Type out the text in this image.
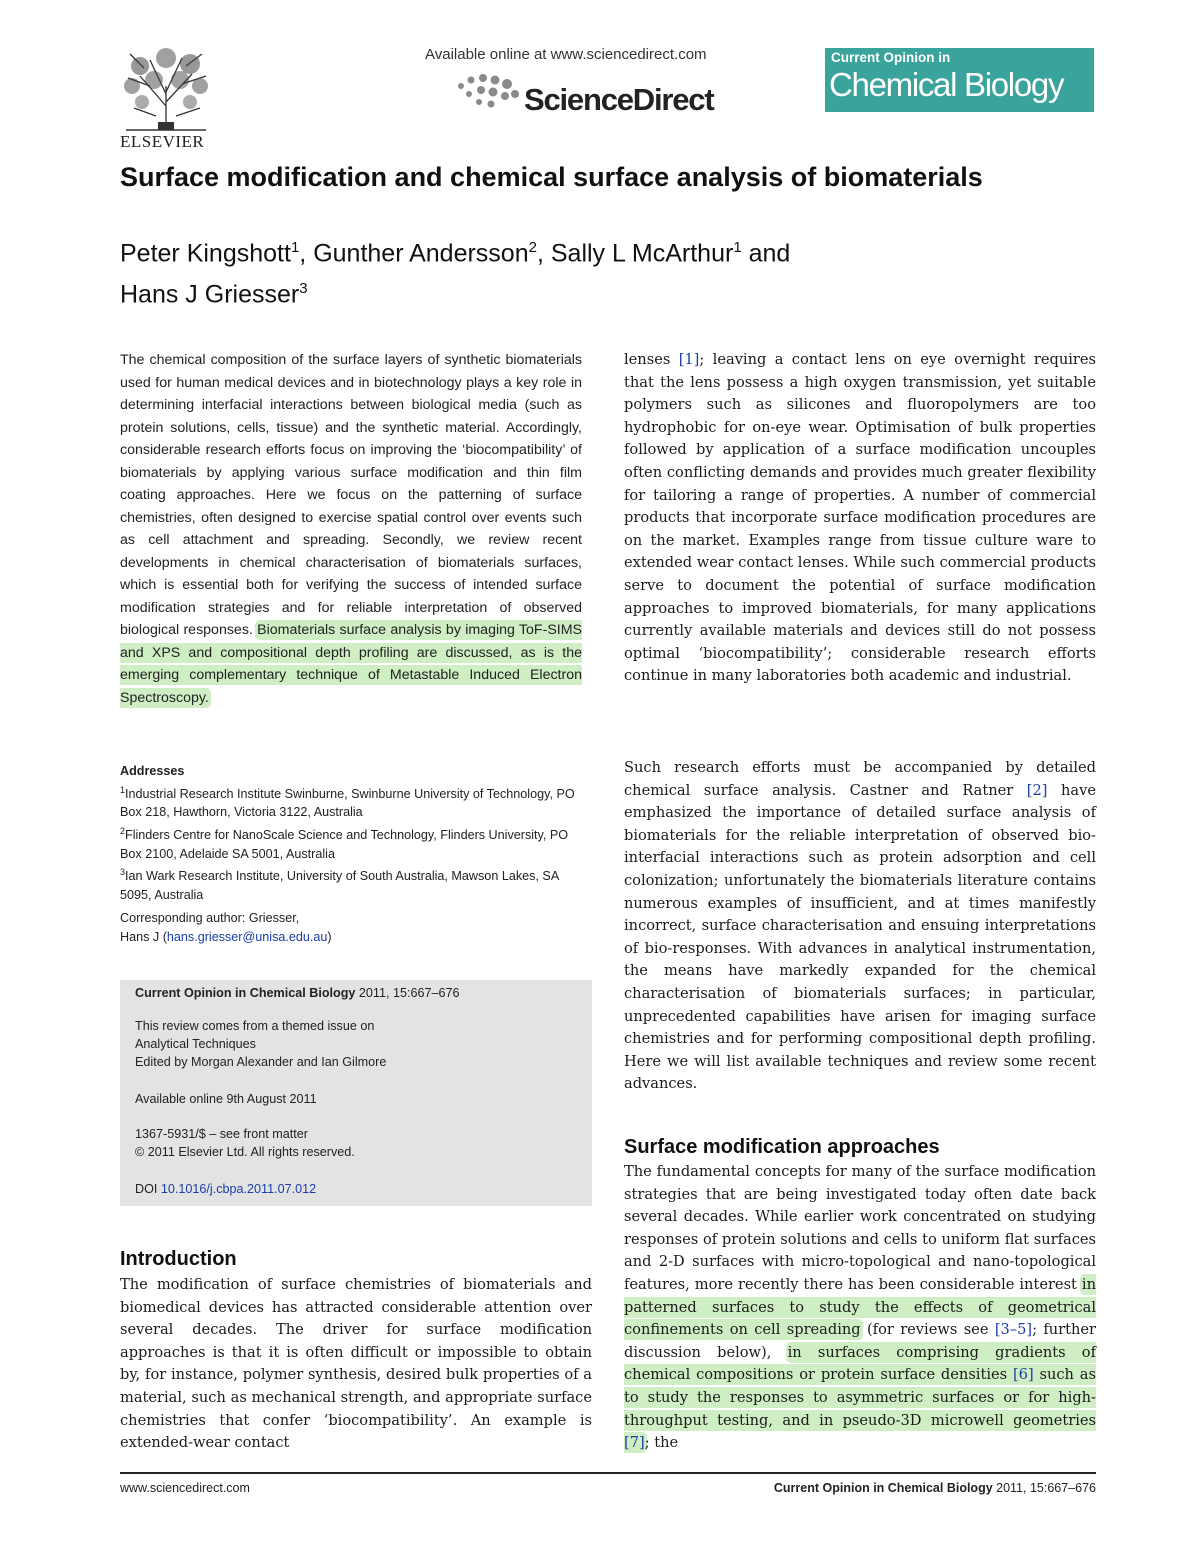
ELSEVIER
Available online at www.sciencedirect.com
ScienceDirect
Current Opinion in
Chemical Biology
Surface modification and chemical surface analysis of biomaterials

Peter Kingshott$^1$, Gunther Andersson$^2$, Sally L McArthur$^1$ and
Hans J Griesser$^3$

The chemical composition of the surface layers of synthetic biomaterials used for human medical devices and in biotechnology plays a key role in determining interfacial interactions between biological media (such as protein solutions, cells, tissue) and the synthetic material. Accordingly, considerable research efforts focus on improving the ‘biocompatibility’ of biomaterials by applying various surface modification and thin film coating approaches. Here we focus on the patterning of surface chemistries, often designed to exercise spatial control over events such as cell attachment and spreading. Secondly, we review recent developments in chemical characterisation of biomaterials surfaces, which is essential both for verifying the success of intended surface modification strategies and for reliable interpretation of observed biological responses. Biomaterials surface analysis by imaging ToF-SIMS and XPS and compositional depth profiling are discussed, as is the emerging complementary technique of Metastable Induced Electron Spectroscopy.

Addresses
$^1$Industrial Research Institute Swinburne, Swinburne University of Technology, PO Box 218, Hawthorn, Victoria 3122, Australia
$^2$Flinders Centre for NanoScale Science and Technology, Flinders University, PO Box 2100, Adelaide SA 5001, Australia
$^3$Ian Wark Research Institute, University of South Australia, Mawson Lakes, SA 5095, Australia
Corresponding author: Griesser,
Hans J (hans.griesser@unisa.edu.au)
Current Opinion in Chemical Biology 2011, 15:667–676
This review comes from a themed issue on
Analytical Techniques
Edited by Morgan Alexander and Ian Gilmore
Available online 9th August 2011
1367-5931/$ – see front matter
© 2011 Elsevier Ltd. All rights reserved.
DOI 10.1016/j.cbpa.2011.07.012
Introduction

The modification of surface chemistries of biomaterials and biomedical devices has attracted considerable attention over several decades. The driver for surface modification approaches is that it is often difficult or impossible to obtain by, for instance, polymer synthesis, desired bulk properties of a material, such as mechanical strength, and appropriate surface chemistries that confer ‘biocompatibility’. An example is extended-wear contact

lenses [1]; leaving a contact lens on eye overnight requires that the lens possess a high oxygen transmission, yet suitable polymers such as silicones and fluoropolymers are too hydrophobic for on-eye wear. Optimisation of bulk properties followed by application of a surface modification uncouples often conflicting demands and provides much greater flexibility for tailoring a range of properties. A number of commercial products that incorporate surface modification procedures are on the market. Examples range from tissue culture ware to extended wear contact lenses. While such commercial products serve to document the potential of surface modification approaches to improved biomaterials, for many applications currently available materials and devices still do not possess optimal ‘biocompatibility’; considerable research efforts continue in many laboratories both academic and industrial.

Such research efforts must be accompanied by detailed chemical surface analysis. Castner and Ratner [2] have emphasized the importance of detailed surface analysis of biomaterials for the reliable interpretation of observed bio-interfacial interactions such as protein adsorption and cell colonization; unfortunately the biomaterials literature contains numerous examples of insufficient, and at times manifestly incorrect, surface characterisation and ensuing interpretations of bio-responses. With advances in analytical instrumentation, the means have markedly expanded for the chemical characterisation of biomaterials surfaces; in particular, unprecedented capabilities have arisen for imaging surface chemistries and for performing compositional depth profiling. Here we will list available techniques and review some recent advances.

Surface modification approaches

The fundamental concepts for many of the surface modification strategies that are being investigated today often date back several decades. While earlier work concentrated on studying responses of protein solutions and cells to uniform flat surfaces and 2-D surfaces with micro-topological and nano-topological features, more recently there has been considerable interest in patterned surfaces to study the effects of geometrical confinements on cell spreading (for reviews see [3–5]; further discussion below), in surfaces comprising gradients of chemical compositions or protein surface densities [6] such as to study the responses to asymmetric surfaces or for high-throughput testing, and in pseudo-3D microwell geometries [7]; the

www.sciencedirect.com	Current Opinion in Chemical Biology 2011, 15:667–676
